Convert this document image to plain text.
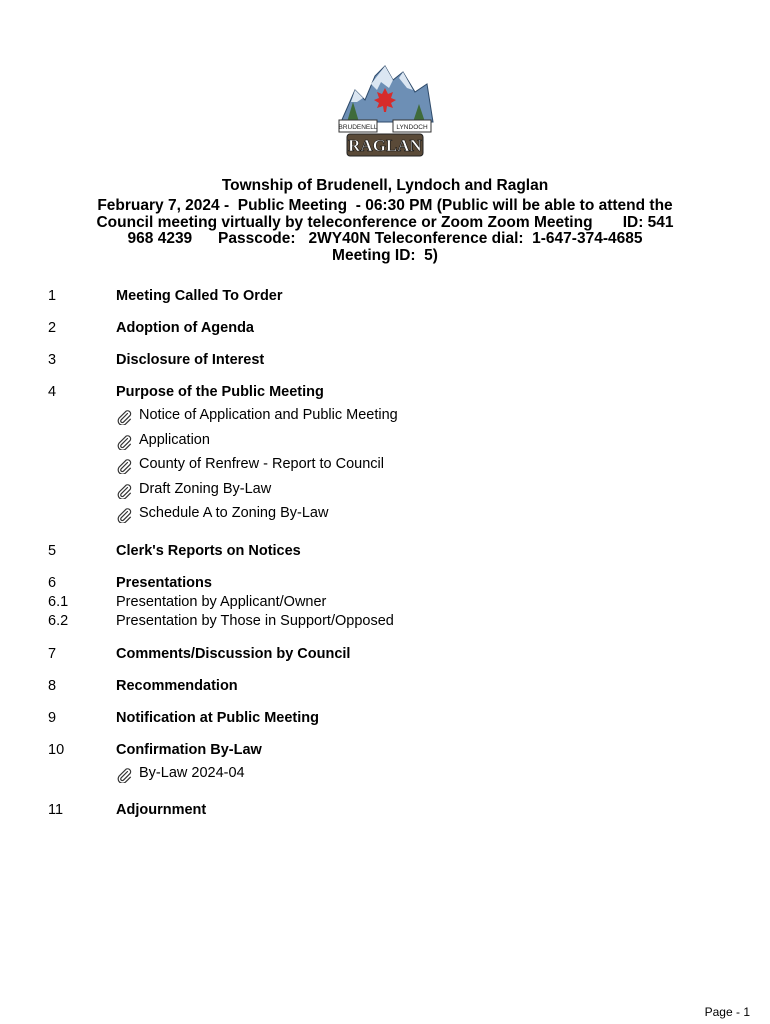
BRUDENELL	LYNDOCH
RAGLAN
Township of Brudenell, Lyndoch and Raglan
February 7, 2024 -  Public Meeting  - 06:30 PM (Public will be able to attend the
Council meeting virtually by teleconference or Zoom Zoom Meeting       ID: 541
968 4239      Passcode:   2WY40N Teleconference dial:  1-647-374-4685
Meeting ID:  5)
1	Meeting Called To Order
2	Adoption of Agenda
3	Disclosure of Interest
4	Purpose of the Public Meeting
Notice of Application and Public Meeting
Application
County of Renfrew - Report to Council
Draft Zoning By-Law
Schedule A to Zoning By-Law
5	Clerk's Reports on Notices
6	Presentations
6.1	Presentation by Applicant/Owner
6.2	Presentation by Those in Support/Opposed
7	Comments/Discussion by Council
8	Recommendation
9	Notification at Public Meeting
10	Confirmation By-Law
By-Law 2024-04
11	Adjournment
Page - 1
